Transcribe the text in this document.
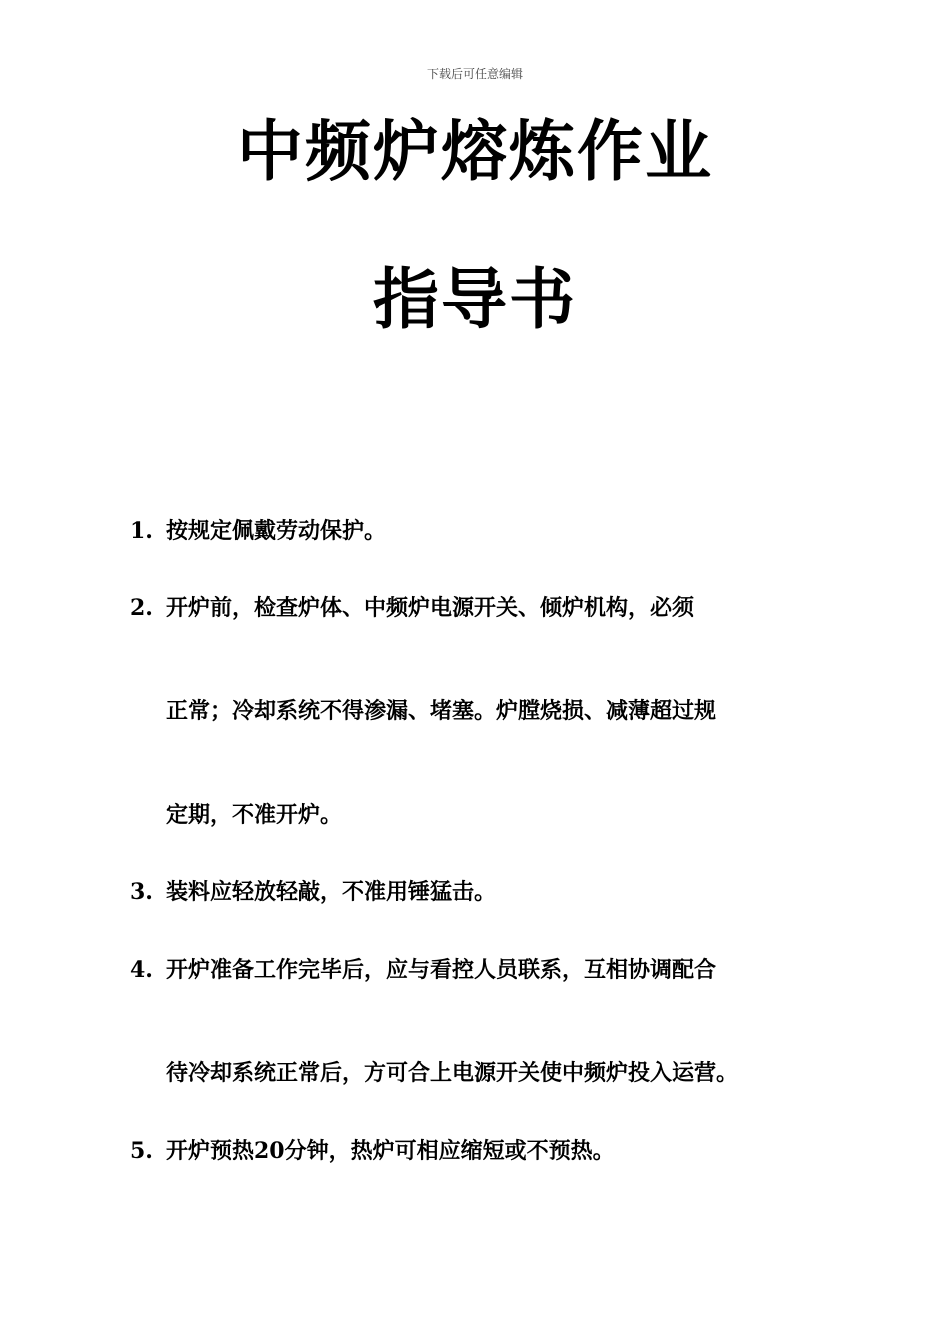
下载后可任意编辑
中频炉熔炼作业
指导书
1. 按规定佩戴劳动保护。
2. 开炉前，检查炉体、中频炉电源开关、倾炉机构，必须
正常；冷却系统不得渗漏、堵塞。炉膛烧损、减薄超过规
定期，不准开炉。
3. 装料应轻放轻敲，不准用锤猛击。
4. 开炉准备工作完毕后，应与看控人员联系，互相协调配合
待冷却系统正常后，方可合上电源开关使中频炉投入运营。
5. 开炉预热20分钟，热炉可相应缩短或不预热。
